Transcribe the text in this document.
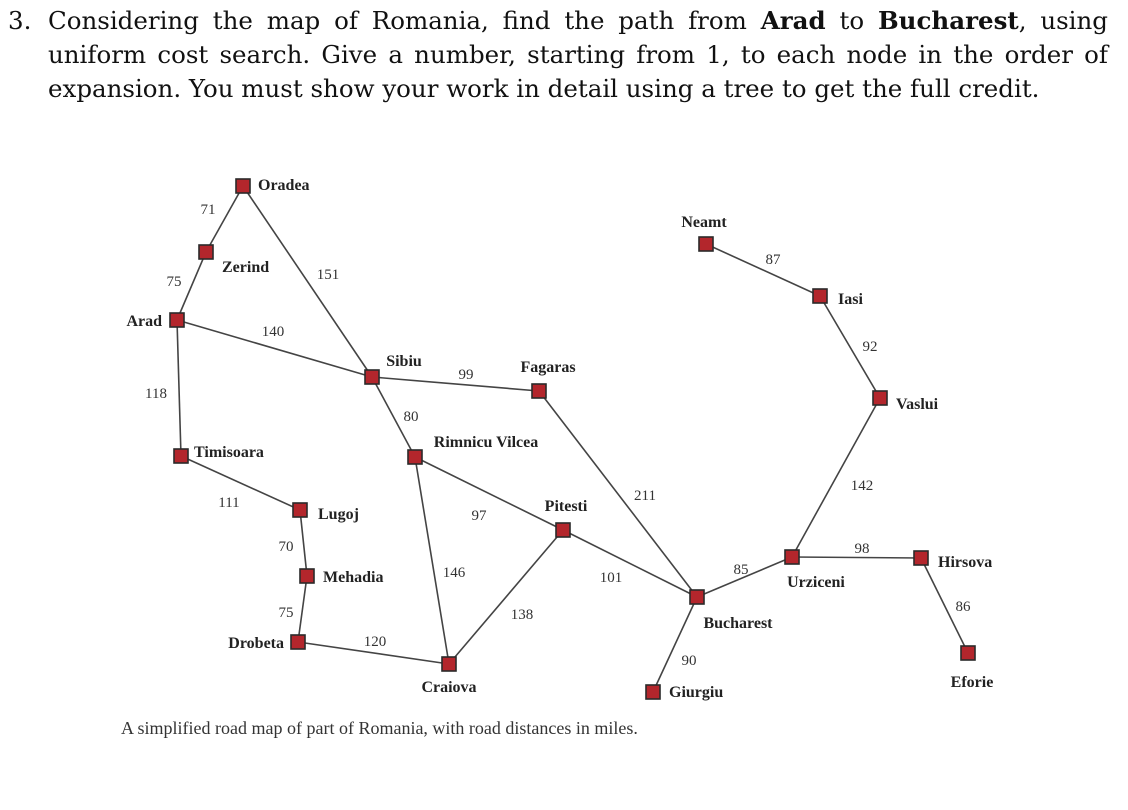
3. Considering the map of Romania, find the path from Arad to Bucharest, using uniform cost search. Give a number, starting from 1, to each node in the order of expansion. You must show your work in detail using a tree to get the full credit.
71
75	151
140
118
111
70
75
120
99
80
97
146
138
211
101
90
85
98
86
142
92
87
Oradea
Zerind
Arad
Timisoara
Lugoj
Mehadia
Drobeta
Craiova
Sibiu
Rimnicu Vilcea
Fagaras
Pitesti
Bucharest
Giurgiu
Urziceni
Hirsova
Eforie
Vaslui
Iasi
Neamt
A simplified road map of part of Romania, with road distances in miles.
